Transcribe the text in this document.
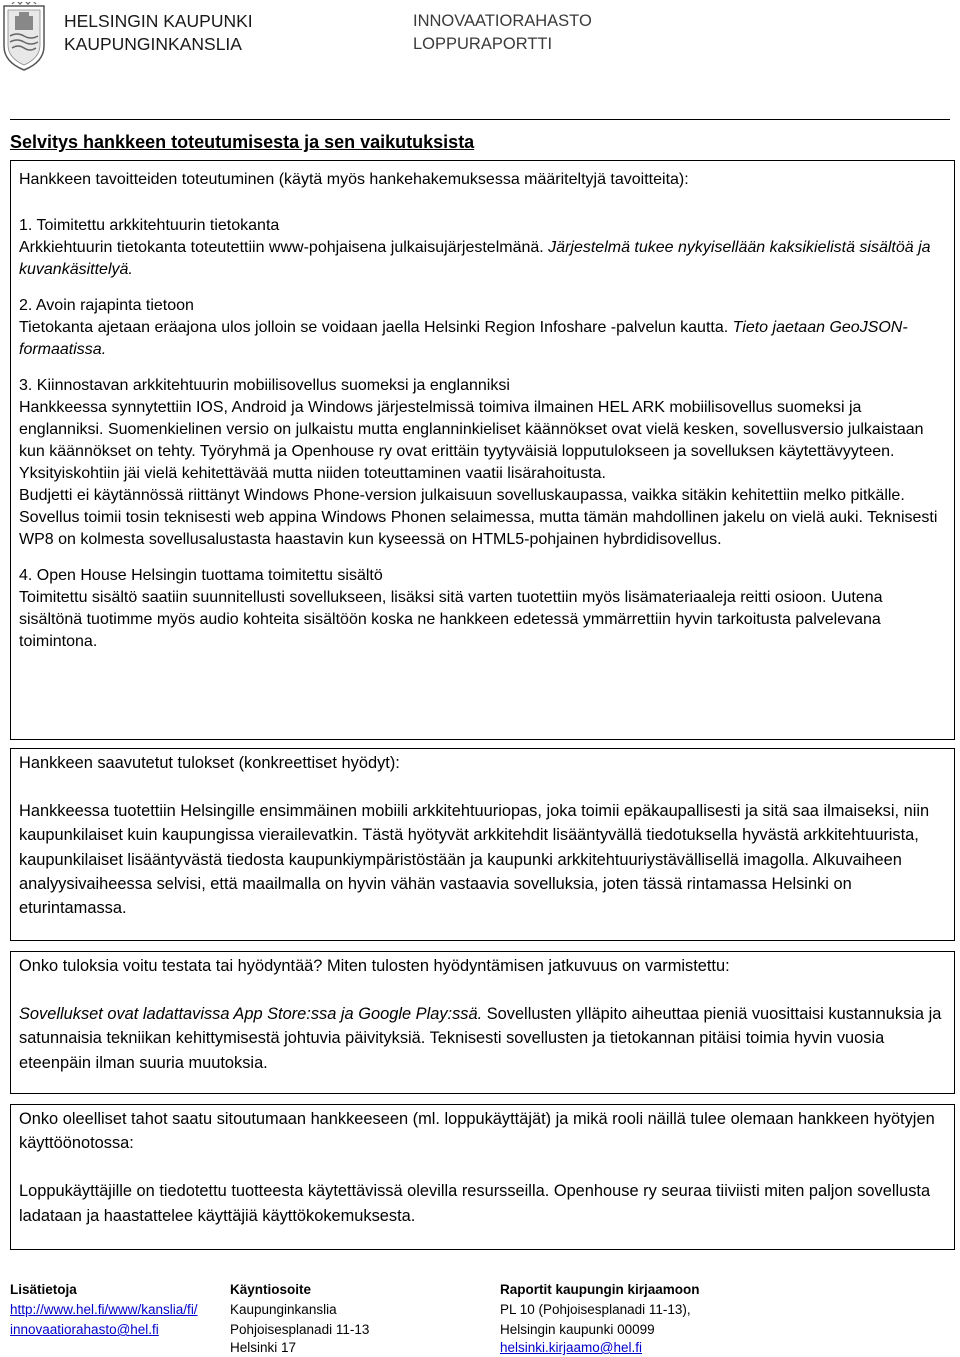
HELSINGIN KAUPUNKI
KAUPUNGINKANSLIA
INNOVAATIORAHASTO
LOPPURAPORTTI
Selvitys hankkeen toteutumisesta ja sen vaikutuksista

Hankkeen tavoitteiden toteutuminen (käytä myös hankehakemuksessa määriteltyjä tavoitteita):

1. Toimitettu arkkitehtuurin tietokanta

Arkkiehtuurin tietokanta toteutettiin www-pohjaisena julkaisujärjestelmänä. Järjestelmä tukee nykyisellään kaksikielistä sisältöä ja kuvankäsittelyä.

2. Avoin rajapinta tietoon

Tietokanta ajetaan eräajona ulos jolloin se voidaan jaella Helsinki Region Infoshare -palvelun kautta. Tieto jaetaan GeoJSON-formaatissa.

3. Kiinnostavan arkkitehtuurin mobiilisovellus suomeksi ja englanniksi

Hankkeessa synnytettiin IOS, Android ja Windows järjestelmissä toimiva ilmainen HEL ARK mobiilisovellus suomeksi ja englanniksi. Suomenkielinen versio on julkaistu mutta englanninkieliset käännökset ovat vielä kesken, sovellusversio julkaistaan kun käännökset on tehty. Työryhmä ja Openhouse ry ovat erittäin tyytyväisiä lopputulokseen ja sovelluksen käytettävyyteen. Yksityiskohtiin jäi vielä kehitettävää mutta niiden toteuttaminen vaatii lisärahoitusta.

Budjetti ei käytännössä riittänyt Windows Phone-version julkaisuun sovelluskaupassa, vaikka sitäkin kehitettiin melko pitkälle. Sovellus toimii tosin teknisesti web appina Windows Phonen selaimessa, mutta tämän mahdollinen jakelu on vielä auki. Teknisesti WP8 on kolmesta sovellusalustasta haastavin kun kyseessä on HTML5-pohjainen hybrdidisovellus.

4. Open House Helsingin tuottama toimitettu sisältö

Toimitettu sisältö saatiin suunnitellusti sovellukseen, lisäksi sitä varten tuotettiin myös lisämateriaaleja reitti osioon. Uutena sisältönä tuotimme myös audio kohteita sisältöön koska ne hankkeen edetessä ymmärrettiin hyvin tarkoitusta palvelevana toimintona.

Hankkeen saavutetut tulokset (konkreettiset hyödyt):

Hankkeessa tuotettiin Helsingille ensimmäinen mobiili arkkitehtuuriopas, joka toimii epäkaupallisesti ja sitä saa ilmaiseksi, niin kaupunkilaiset kuin kaupungissa vierailevatkin. Tästä hyötyvät arkkitehdit lisääntyvällä tiedotuksella hyvästä arkkitehtuurista, kaupunkilaiset lisääntyvästä tiedosta kaupunkiympäristöstään ja kaupunki arkkitehtuuriystävällisellä imagolla. Alkuvaiheen analyysivaiheessa selvisi, että maailmalla on hyvin vähän vastaavia sovelluksia, joten tässä rintamassa Helsinki on eturintamassa.

Onko tuloksia voitu testata tai hyödyntää? Miten tulosten hyödyntämisen jatkuvuus on varmistettu:

Sovellukset ovat ladattavissa App Store:ssa ja Google Play:ssä. Sovellusten ylläpito aiheuttaa pieniä vuosittaisi kustannuksia ja satunnaisia tekniikan kehittymisestä johtuvia päivityksiä. Teknisesti sovellusten ja tietokannan pitäisi toimia hyvin vuosia eteenpäin ilman suuria muutoksia.

Onko oleelliset tahot saatu sitoutumaan hankkeeseen (ml. loppukäyttäjät) ja mikä rooli näillä tulee olemaan hankkeen hyötyjen käyttöönotossa:

Loppukäyttäjille on tiedotettu tuotteesta käytettävissä olevilla resursseilla. Openhouse ry seuraa tiiviisti miten paljon sovellusta ladataan ja haastattelee käyttäjiä käyttökokemuksesta.

Lisätietoja
http://www.hel.fi/www/kanslia/fi/
innovaatiorahasto@hel.fi
Käyntiosoite
Kaupunginkanslia
Pohjoisesplanadi 11-13
Helsinki 17
Raportit kaupungin kirjaamoon
PL 10 (Pohjoisesplanadi 11-13),
Helsingin kaupunki 00099
helsinki.kirjaamo@hel.fi
